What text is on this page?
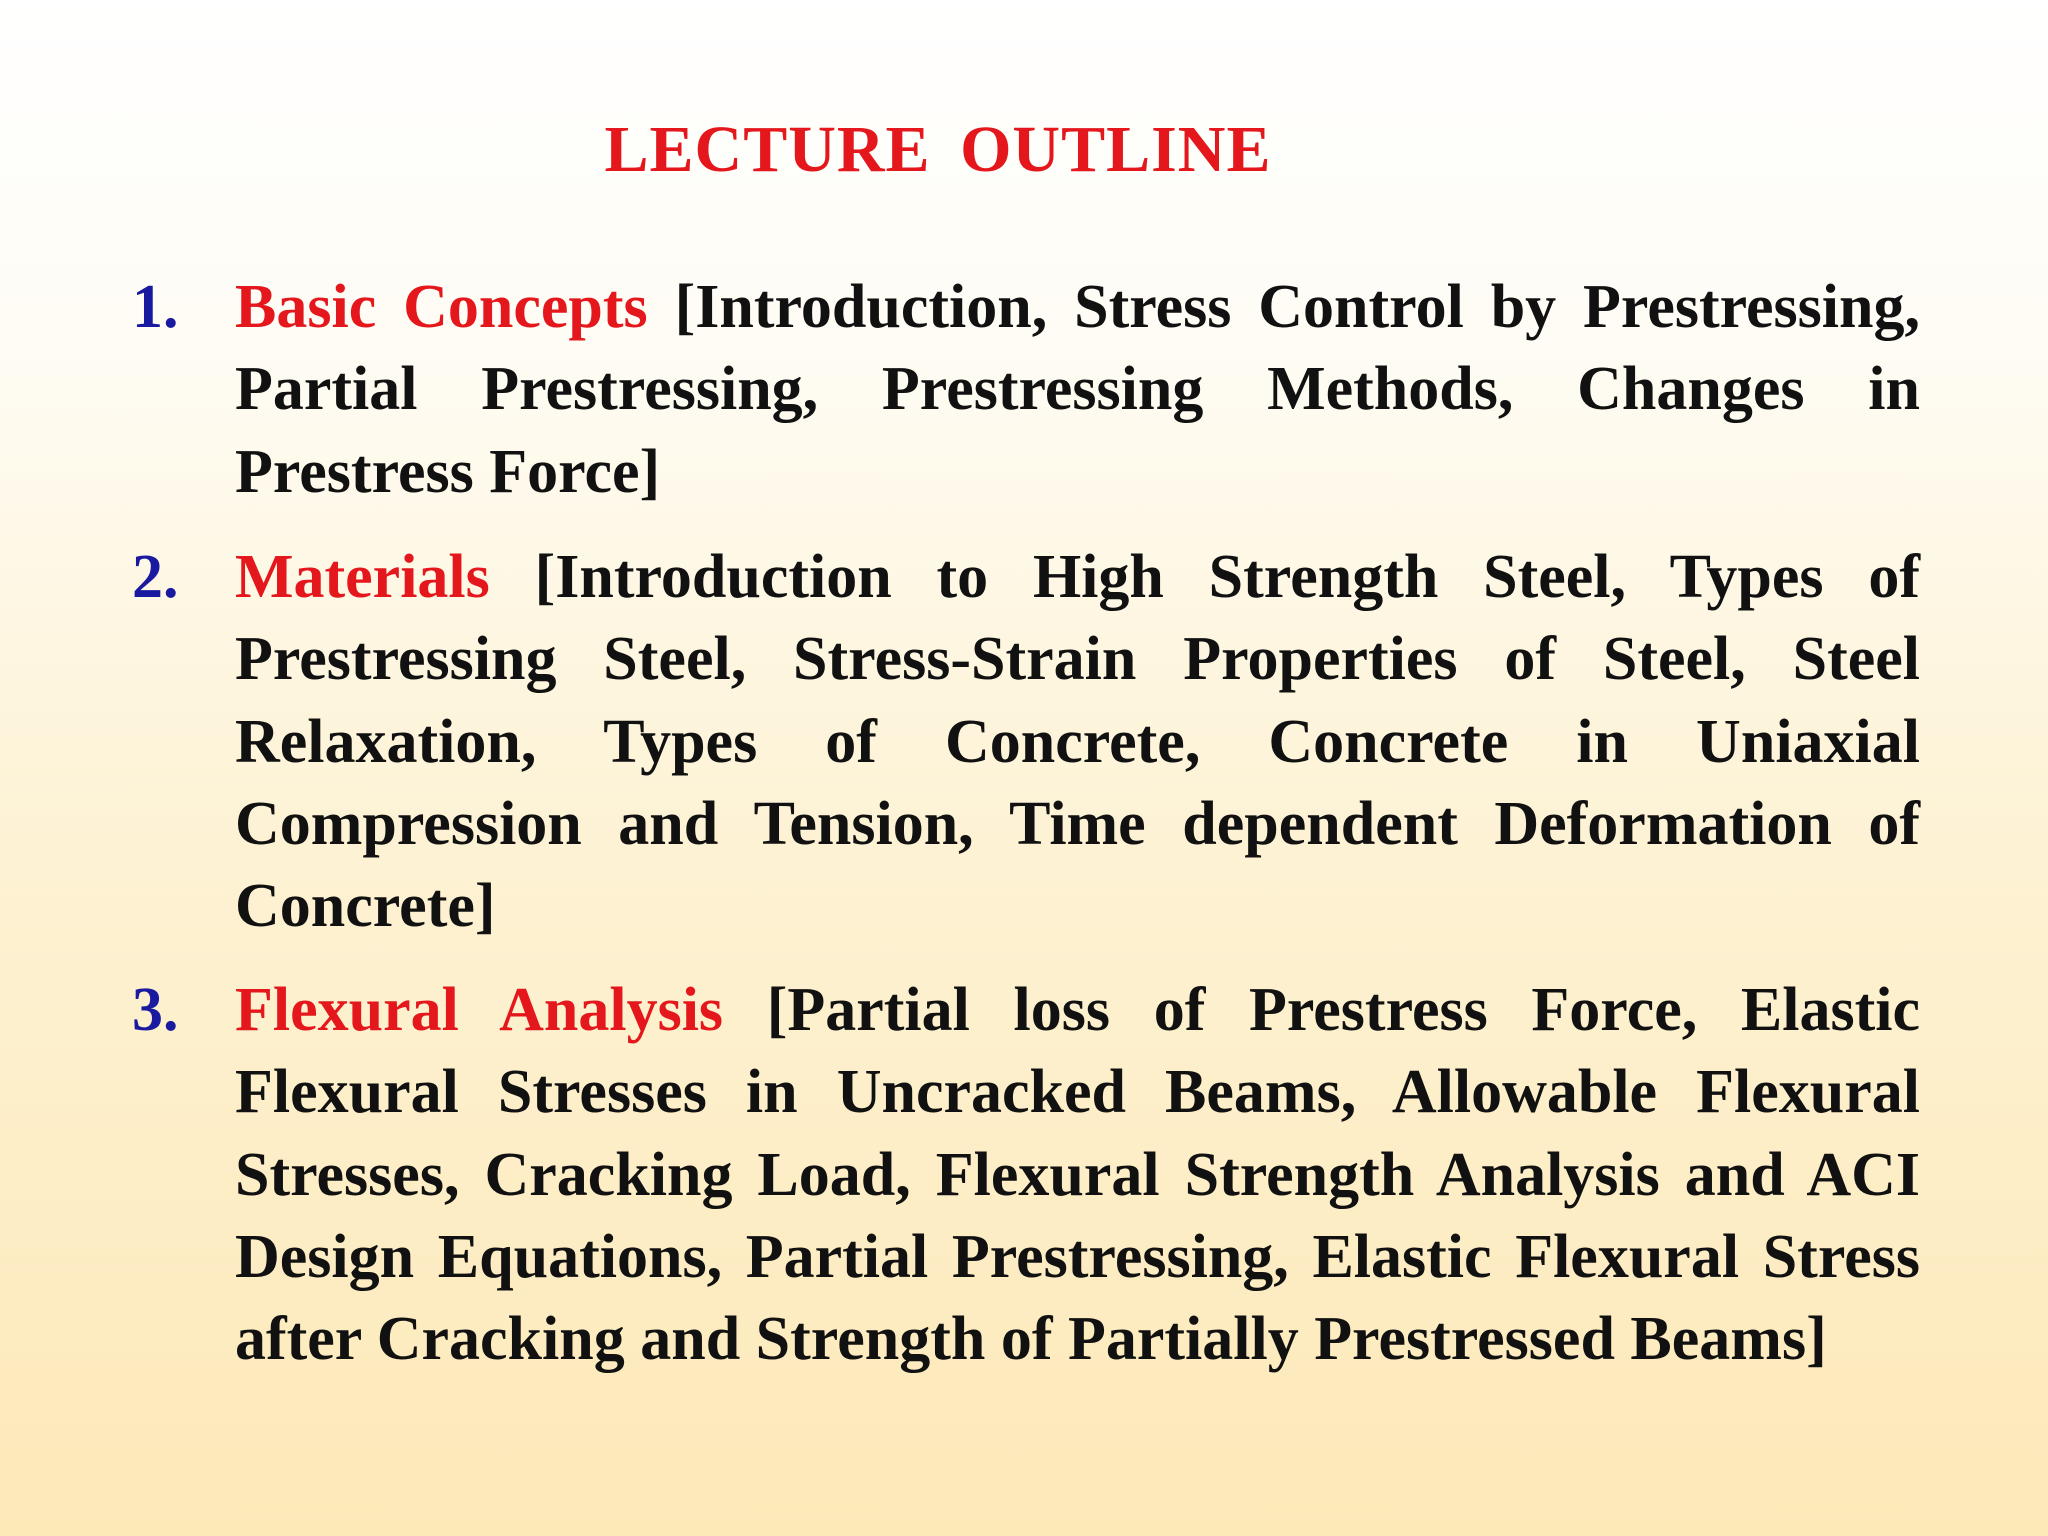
LECTURE OUTLINE
1. Basic Concepts [Introduction, Stress Control by Prestressing, Partial Prestressing, Prestressing Methods, Changes in Prestress Force]
2. Materials [Introduction to High Strength Steel, Types of Prestressing Steel, Stress-Strain Properties of Steel, Steel Relaxation, Types of Concrete, Concrete in Uniaxial Compression and Tension, Time dependent Deformation of Concrete]
3. Flexural Analysis [Partial loss of Prestress Force, Elastic Flexural Stresses in Uncracked Beams, Allowable Flexural Stresses, Cracking Load, Flexural Strength Analysis and ACI Design Equations, Partial Prestressing, Elastic Flexural Stress after Cracking and Strength of Partially Prestressed Beams]
